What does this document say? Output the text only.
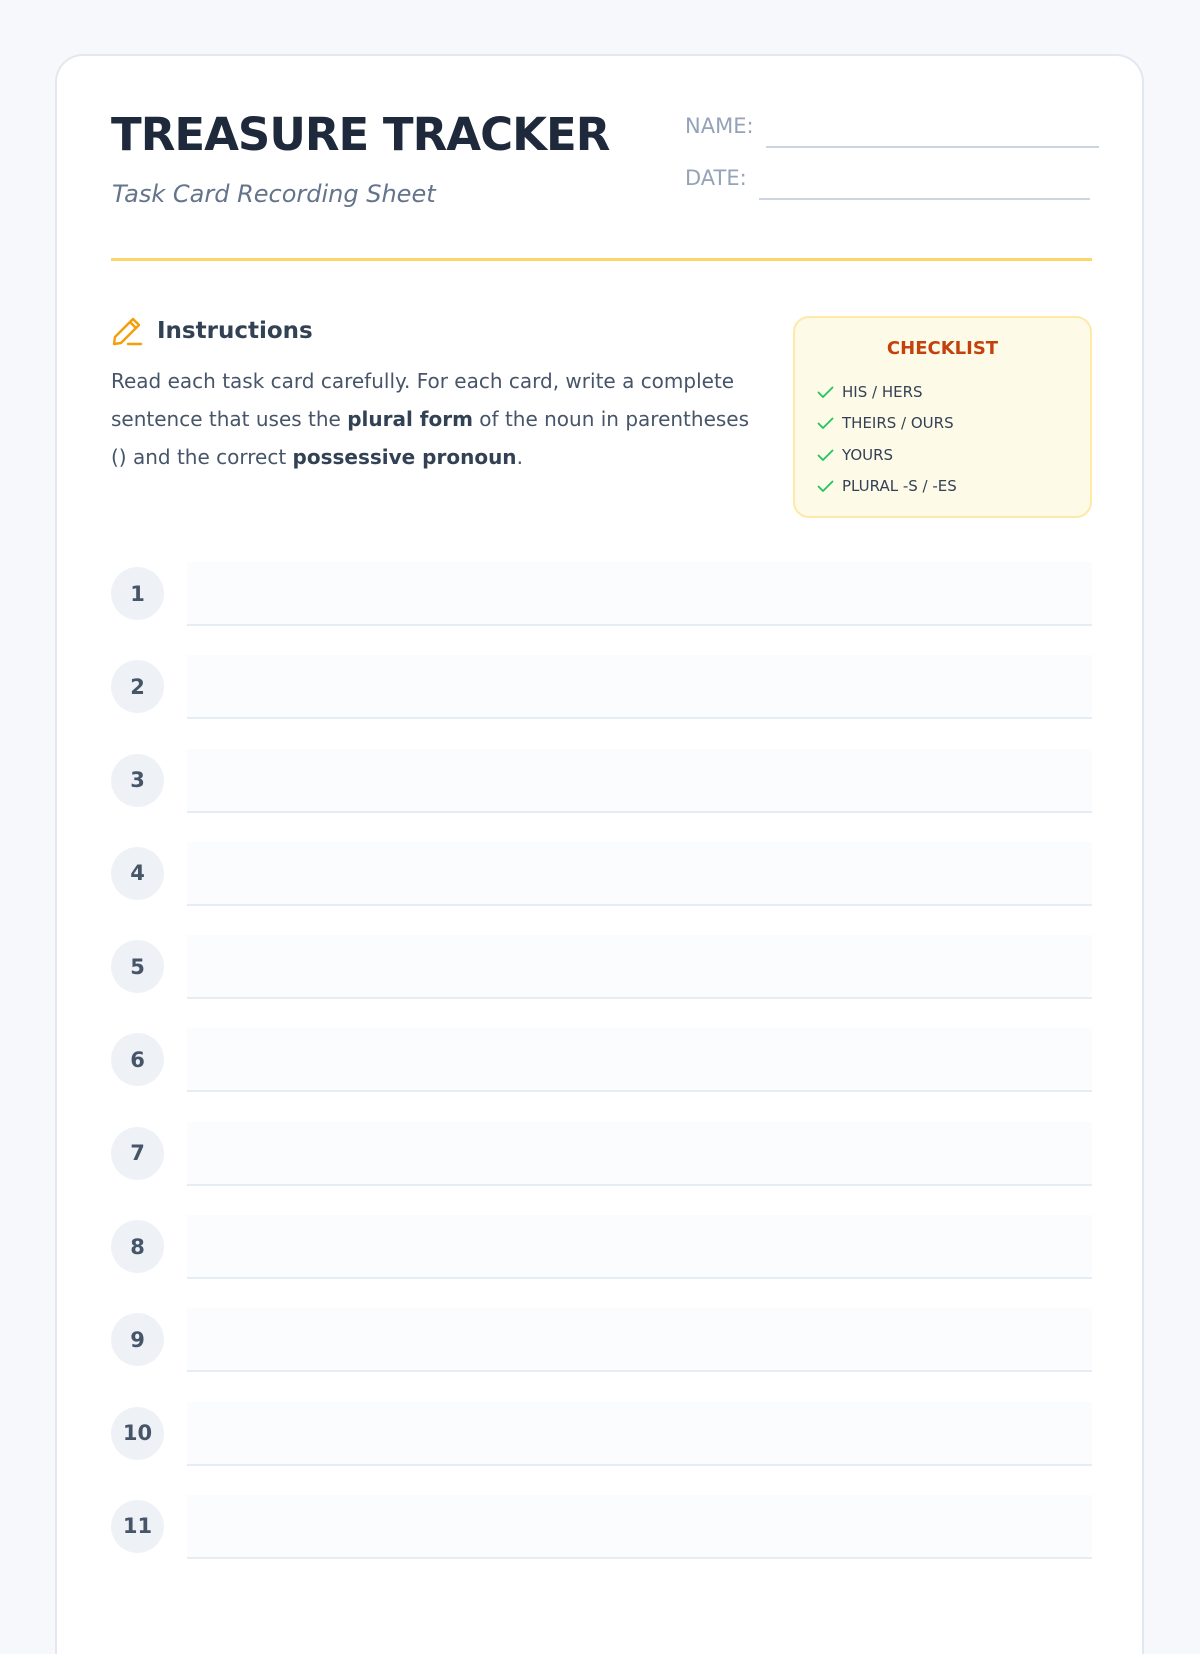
TREASURE TRACKER
Task Card Recording Sheet
NAME:
DATE:
Instructions

Read each task card carefully. For each card, write a complete sentence that uses the plural form of the noun in parentheses () and the correct possessive pronoun.

CHECKLIST
HIS / HERS
THEIRS / OURS
YOURS
PLURAL -S / -ES
1
2
3
4
5
6
7
8
9
10
11
